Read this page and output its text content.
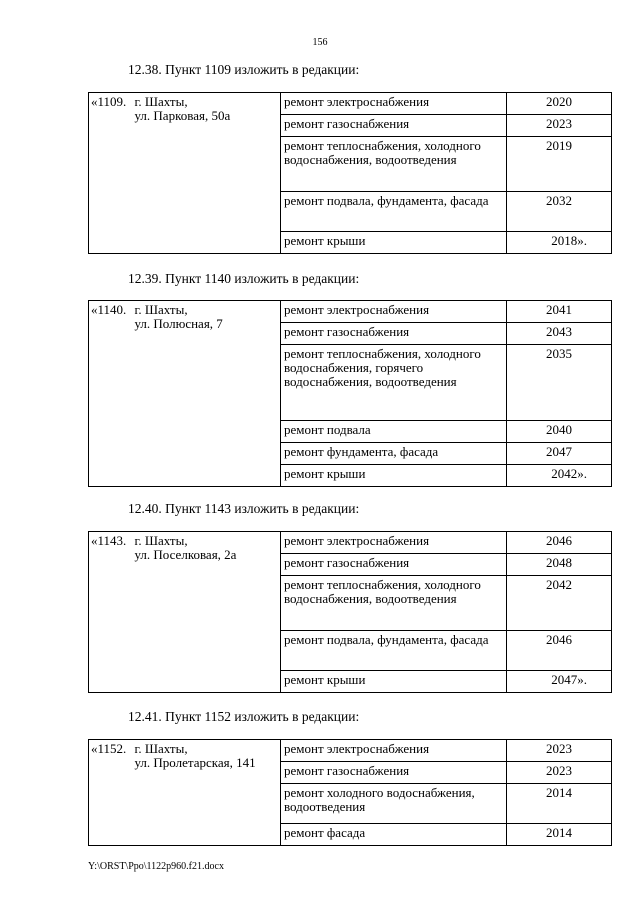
156
12.38. Пункт 1109 изложить в редакции:
«1109.	г. Шахты,
ул. Парковая, 50а	ремонт электроснабжения	2020
		ремонт газоснабжения	2023
		ремонт теплоснабжения, холодного водоснабжения, водоотведения	2019
		ремонт подвала, фундамента, фасада	2032
		ремонт крыши	2018».
12.39. Пункт 1140 изложить в редакции:
«1140.	г. Шахты,
ул. Полюсная, 7	ремонт электроснабжения	2041
		ремонт газоснабжения	2043
		ремонт теплоснабжения, холодного водоснабжения, горячего водоснабжения, водоотведения	2035
		ремонт подвала	2040
		ремонт фундамента, фасада	2047
		ремонт крыши	2042».
12.40. Пункт 1143 изложить в редакции:
«1143.	г. Шахты,
ул. Поселковая, 2а	ремонт электроснабжения	2046
		ремонт газоснабжения	2048
		ремонт теплоснабжения, холодного водоснабжения, водоотведения	2042
		ремонт подвала, фундамента, фасада	2046
		ремонт крыши	2047».
12.41. Пункт 1152 изложить в редакции:
«1152.	г. Шахты,
ул. Пролетарская, 141	ремонт электроснабжения	2023
		ремонт газоснабжения	2023
		ремонт холодного водоснабжения, водоотведения	2014
		ремонт фасада	2014
Y:\ORST\Ppo\1122p960.f21.docx
